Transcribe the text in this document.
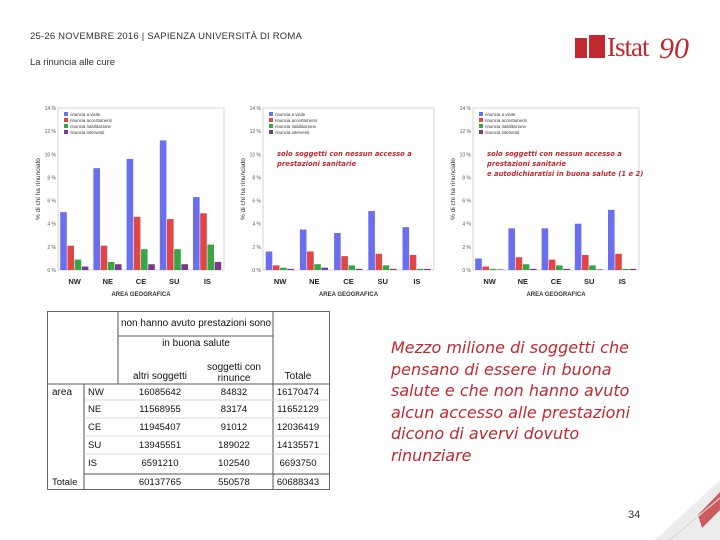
25-26 NOVEMBRE 2016 | SAPIENZA UNIVERSITÀ DI ROMA
La rinuncia alle cure
Istat 90
0 %
2 %
4 %
6 %
8 %
10 %
12 %
14 %
% di chi ha rinunciato
NW	NE	CE	SU	IS
AREA GEOGRAFICA
rinuncia a visite
rinuncia accertamenti
rinuncia riabilitazione
rinuncia interventi
0 %
2 %
4 %
6 %
8 %
10 %
12 %
14 %
% di chi ha rinunciato
NW	NE	CE	SU	IS
AREA GEOGRAFICA
rinuncia a visite
rinuncia accertamenti
rinuncia riabilitazione
rinuncia interventi
solo soggetti con nessun accesso a
prestazioni sanitarie
0 %
2 %
4 %
6 %
8 %
10 %
12 %
14 %
% di chi ha rinunciato
NW	NE	CE	SU	IS
AREA GEOGRAFICA
rinuncia a visite
rinuncia accertamenti
rinuncia riabilitazione
rinuncia interventi
solo soggetti con nessun accesso a
prestazioni sanitarie
e autodichiaratisi in buona salute (1 e 2)
non hanno avuto prestazioni sono
in buona salute
altri soggetti
soggetti con rinunce	Totale
area NW	16085642	84832	16170474
NE	11568955	83174	11652129
CE	11945407	91012	12036419
SU	13945551	189022	14135571
IS	6591210	102540	6693750
Totale	60137765	550578	60688343
Mezzo milione di soggetti che pensano di essere in buona salute e che non hanno avuto alcun accesso alle prestazioni dicono di avervi dovuto rinunziare
34
